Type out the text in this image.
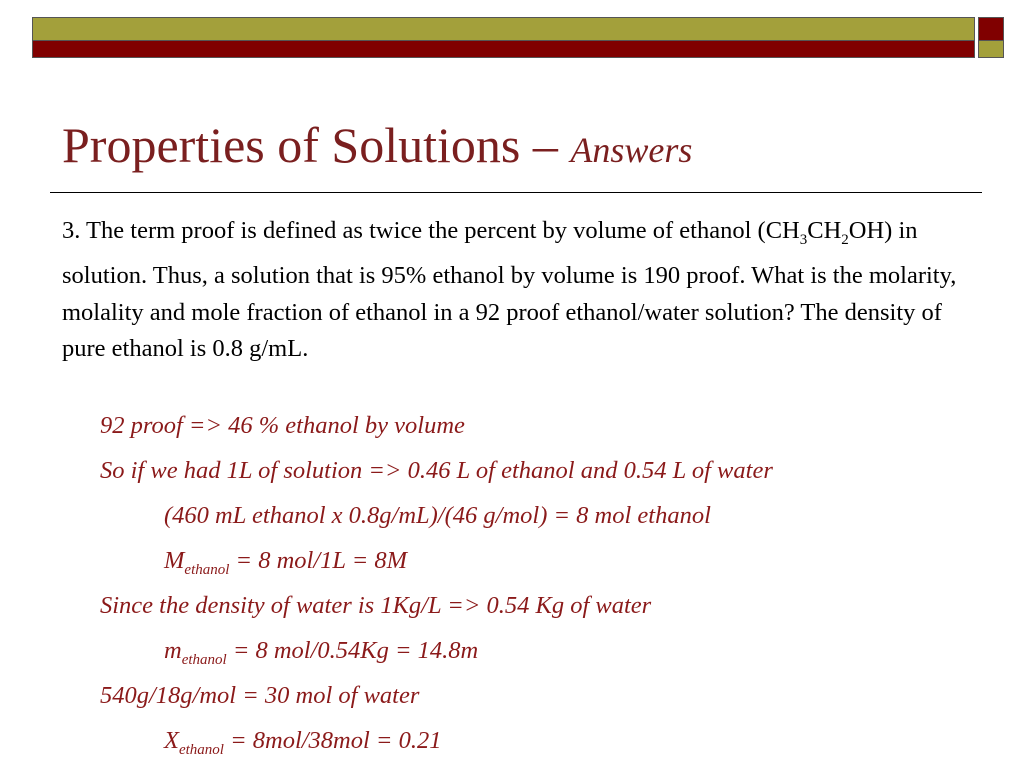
Properties of Solutions – Answers
3. The term proof is defined as twice the percent by volume of ethanol $(CH_3CH_2OH)$ in solution. Thus, a solution that is 95% ethanol by volume is 190 proof. What is the molarity, molality and mole fraction of ethanol in a 92 proof ethanol/water solution? The density of pure ethanol is 0.8 g/mL.
92 proof => 46 % ethanol by volume
So if we had 1L of solution => 0.46 L of ethanol and 0.54 L of water
(460 mL ethanol x 0.8g/mL)/(46 g/mol) = 8 mol ethanol
$M_{ethanol} = 8$ mol/1L = 8M
Since the density of water is 1Kg/L => 0.54 Kg of water
$m_{ethanol} = 8$ mol/0.54Kg = 14.8m
540g/18g/mol = 30 mol of water
$X_{ethanol} = 8mol/38mol = 0.21$
